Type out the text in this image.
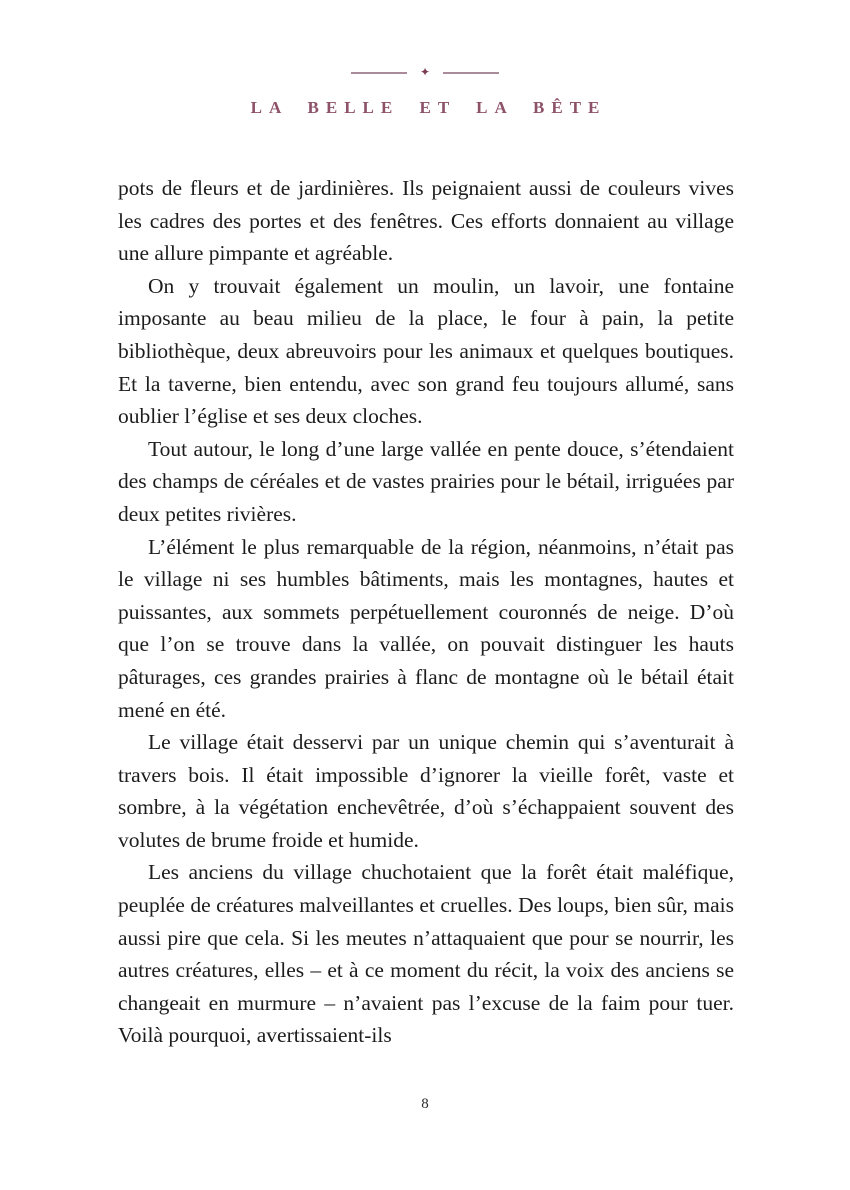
✦
LA BELLE ET LA BÊTE

pots de fleurs et de jardinières. Ils peignaient aussi de couleurs vives les cadres des portes et des fenêtres. Ces efforts donnaient au village une allure pimpante et agréable.

On y trouvait également un moulin, un lavoir, une fontaine imposante au beau milieu de la place, le four à pain, la petite bibliothèque, deux abreuvoirs pour les animaux et quelques boutiques. Et la taverne, bien entendu, avec son grand feu toujours allumé, sans oublier l’église et ses deux cloches.

Tout autour, le long d’une large vallée en pente douce, s’étendaient des champs de céréales et de vastes prairies pour le bétail, irriguées par deux petites rivières.

L’élément le plus remarquable de la région, néanmoins, n’était pas le village ni ses humbles bâtiments, mais les montagnes, hautes et puissantes, aux sommets perpétuellement couronnés de neige. D’où que l’on se trouve dans la vallée, on pouvait distinguer les hauts pâturages, ces grandes prairies à flanc de montagne où le bétail était mené en été.

Le village était desservi par un unique chemin qui s’aventurait à travers bois. Il était impossible d’ignorer la vieille forêt, vaste et sombre, à la végétation enchevêtrée, d’où s’échappaient souvent des volutes de brume froide et humide.

Les anciens du village chuchotaient que la forêt était maléfique, peuplée de créatures malveillantes et cruelles. Des loups, bien sûr, mais aussi pire que cela. Si les meutes n’attaquaient que pour se nourrir, les autres créatures, elles – et à ce moment du récit, la voix des anciens se changeait en murmure – n’avaient pas l’excuse de la faim pour tuer. Voilà pourquoi, avertissaient-ils

8
